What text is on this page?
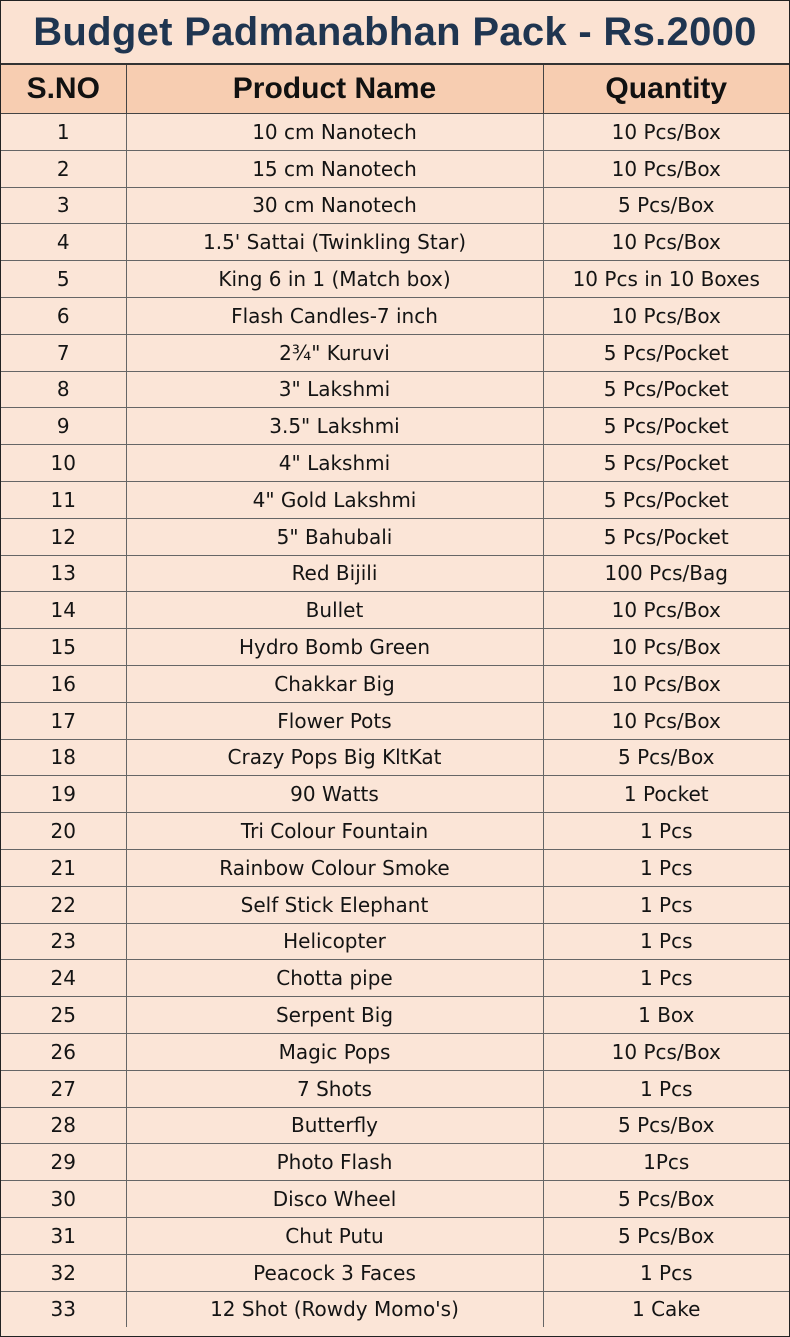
Budget Padmanabhan Pack - Rs.2000
S.NO	Product Name	Quantity
1	10 cm Nanotech	10 Pcs/Box
2	15 cm Nanotech	10 Pcs/Box
3	30 cm Nanotech	5 Pcs/Box
4	1.5' Sattai (Twinkling Star)	10 Pcs/Box
5	King 6 in 1 (Match box)	10 Pcs in 10 Boxes
6	Flash Candles-7 inch	10 Pcs/Box
7	2¾" Kuruvi	5 Pcs/Pocket
8	3" Lakshmi	5 Pcs/Pocket
9	3.5" Lakshmi	5 Pcs/Pocket
10	4" Lakshmi	5 Pcs/Pocket
11	4" Gold Lakshmi	5 Pcs/Pocket
12	5" Bahubali	5 Pcs/Pocket
13	Red Bijili	100 Pcs/Bag
14	Bullet	10 Pcs/Box
15	Hydro Bomb Green	10 Pcs/Box
16	Chakkar Big	10 Pcs/Box
17	Flower Pots	10 Pcs/Box
18	Crazy Pops Big KltKat	5 Pcs/Box
19	90 Watts	1 Pocket
20	Tri Colour Fountain	1 Pcs
21	Rainbow Colour Smoke	1 Pcs
22	Self Stick Elephant	1 Pcs
23	Helicopter	1 Pcs
24	Chotta pipe	1 Pcs
25	Serpent Big	1 Box
26	Magic Pops	10 Pcs/Box
27	7 Shots	1 Pcs
28	Butterfly	5 Pcs/Box
29	Photo Flash	1Pcs
30	Disco Wheel	5 Pcs/Box
31	Chut Putu	5 Pcs/Box
32	Peacock 3 Faces	1 Pcs
33	12 Shot (Rowdy Momo's)	1 Cake
